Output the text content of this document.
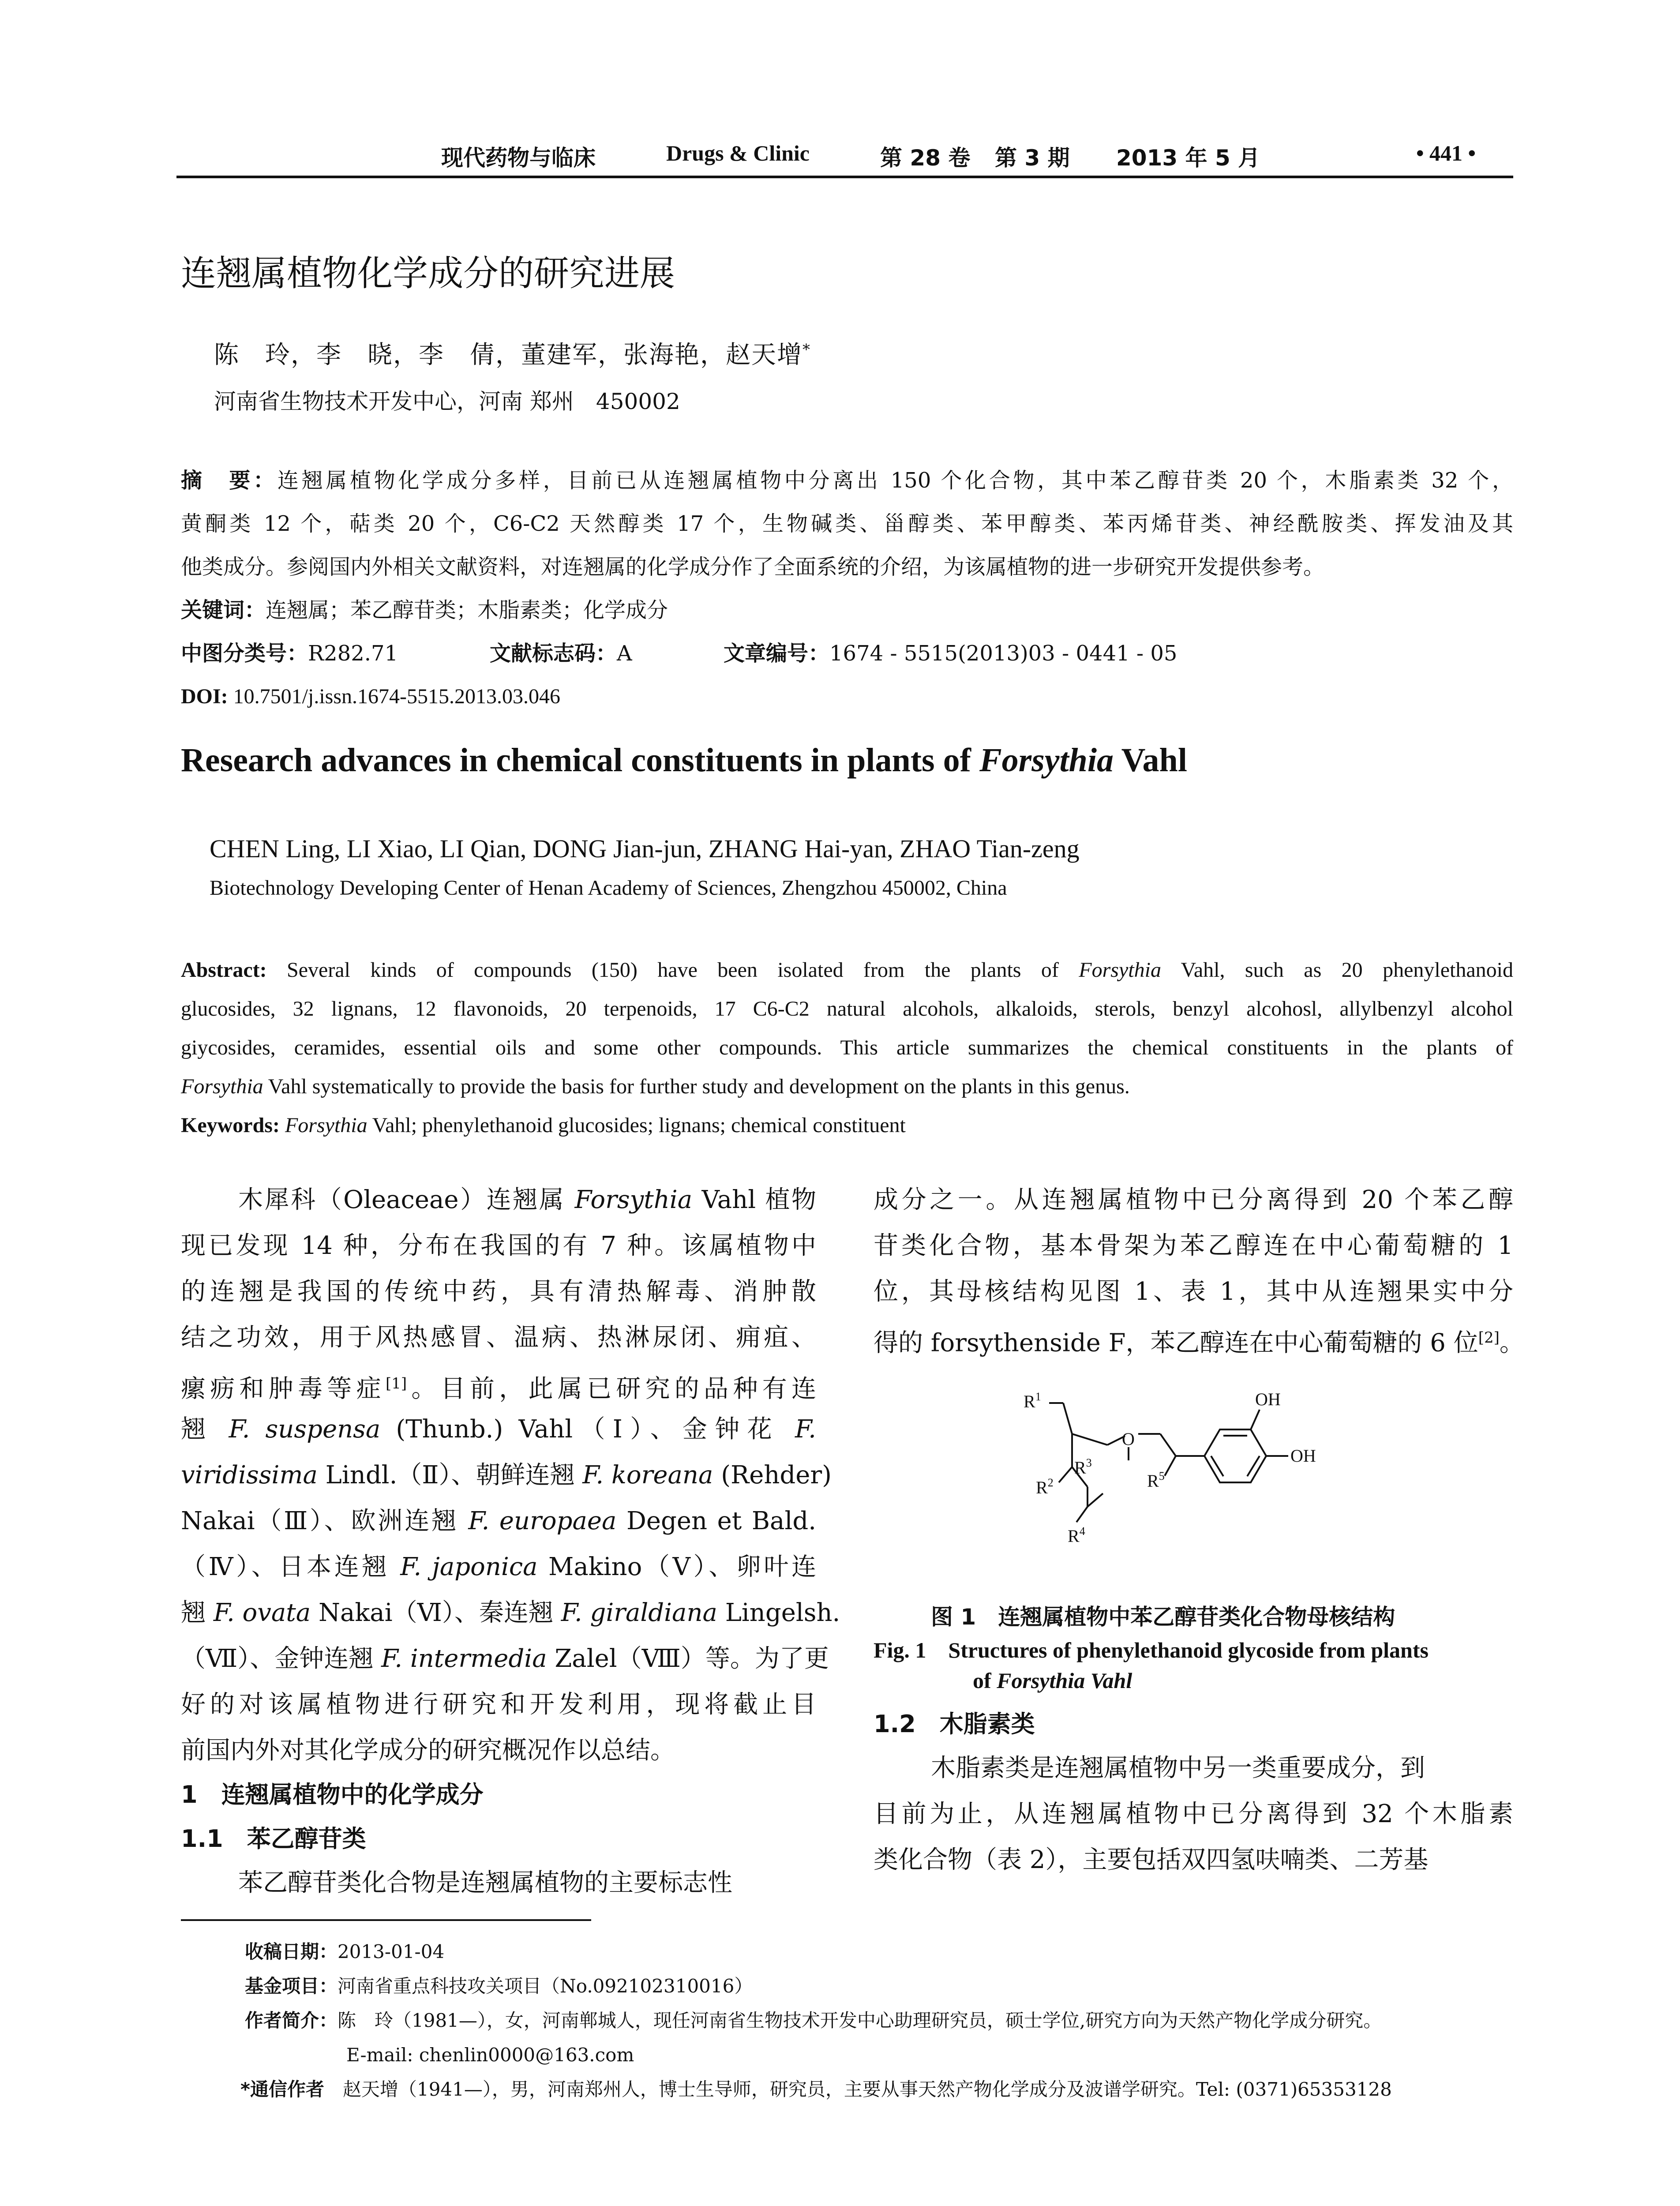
现代药物与临床	Drugs & Clinic	第 28 卷 第 3 期 2013 年 5 月	• 441 •
连翘属植物化学成分的研究进展
陈　玲，李　晓，李　倩，董建军，张海艳，赵天增*
河南省生物技术开发中心，河南 郑州　450002
摘　要：连翘属植物化学成分多样，目前已从连翘属植物中分离出 150 个化合物，其中苯乙醇苷类 20 个，木脂素类 32 个，
黄酮类 12 个，萜类 20 个，C6-C2 天然醇类 17 个，生物碱类、甾醇类、苯甲醇类、苯丙烯苷类、神经酰胺类、挥发油及其
他类成分。参阅国内外相关文献资料，对连翘属的化学成分作了全面系统的介绍，为该属植物的进一步研究开发提供参考。
关键词：连翘属；苯乙醇苷类；木脂素类；化学成分
中图分类号：R282.71	文献标志码：A	文章编号：1674 - 5515(2013)03 - 0441 - 05
DOI: 10.7501/j.issn.1674-5515.2013.03.046
Research advances in chemical constituents in plants of Forsythia Vahl
CHEN Ling, LI Xiao, LI Qian, DONG Jian-jun, ZHANG Hai-yan, ZHAO Tian-zeng
Biotechnology Developing Center of Henan Academy of Sciences, Zhengzhou 450002, China
Abstract: Several kinds of compounds (150) have been isolated from the plants of Forsythia Vahl, such as 20 phenylethanoid
glucosides, 32 lignans, 12 flavonoids, 20 terpenoids, 17 C6-C2 natural alcohols, alkaloids, sterols, benzyl alcohosl, allylbenzyl alcohol
giycosides, ceramides, essential oils and some other compounds. This article summarizes the chemical constituents in the plants of
Forsythia Vahl systematically to provide the basis for further study and development on the plants in this genus.
Keywords: Forsythia Vahl; phenylethanoid glucosides; lignans; chemical constituent
木犀科（Oleaceae）连翘属 Forsythia Vahl 植物
现已发现 14 种，分布在我国的有 7 种。该属植物中
的连翘是我国的传统中药，具有清热解毒、消肿散
结之功效，用于风热感冒、温病、热淋尿闭、痈疽、
瘰疬和肿毒等症[1]。目前，此属已研究的品种有连
翘 F. suspensa (Thunb.) Vahl（Ⅰ）、金钟花 F.
viridissima Lindl.（Ⅱ）、朝鲜连翘 F. koreana (Rehder)
Nakai（Ⅲ）、欧洲连翘 F. europaea Degen et Bald.
（Ⅳ）、日本连翘 F. japonica Makino（Ⅴ）、卵叶连
翘 F. ovata Nakai（Ⅵ）、秦连翘 F. giraldiana Lingelsh.
（Ⅶ）、金钟连翘 F. intermedia Zalel（Ⅷ）等。为了更
好的对该属植物进行研究和开发利用，现将截止目
前国内外对其化学成分的研究概况作以总结。
1　连翘属植物中的化学成分
1.1　苯乙醇苷类
苯乙醇苷类化合物是连翘属植物的主要标志性
成分之一。从连翘属植物中已分离得到 20 个苯乙醇
苷类化合物，基本骨架为苯乙醇连在中心葡萄糖的 1
位，其母核结构见图 1、表 1，其中从连翘果实中分
得的 forsythenside F，苯乙醇连在中心葡萄糖的 6 位[2]。
1.2　木脂素类
木脂素类是连翘属植物中另一类重要成分，到
目前为止，从连翘属植物中已分离得到 32 个木脂素
类化合物（表 2），主要包括双四氢呋喃类、二芳基
$R^1$
$R^3$
$R^2$
$R^4$
$R^5$
O
OH
OH
图 1　连翘属植物中苯乙醇苷类化合物母核结构
Fig. 1　Structures of phenylethanoid glycoside from plants
of Forsythia Vahl
收稿日期：2013-01-04
基金项目：河南省重点科技攻关项目（No.092102310016）
作者简介：陈　玲（1981—），女，河南郸城人，现任河南省生物技术开发中心助理研究员，硕士学位,研究方向为天然产物化学成分研究。
E-mail: chenlin0000@163.com
*通信作者　 赵天增（1941—），男，河南郑州人，博士生导师，研究员，主要从事天然产物化学成分及波谱学研究。Tel: (0371)65353128
